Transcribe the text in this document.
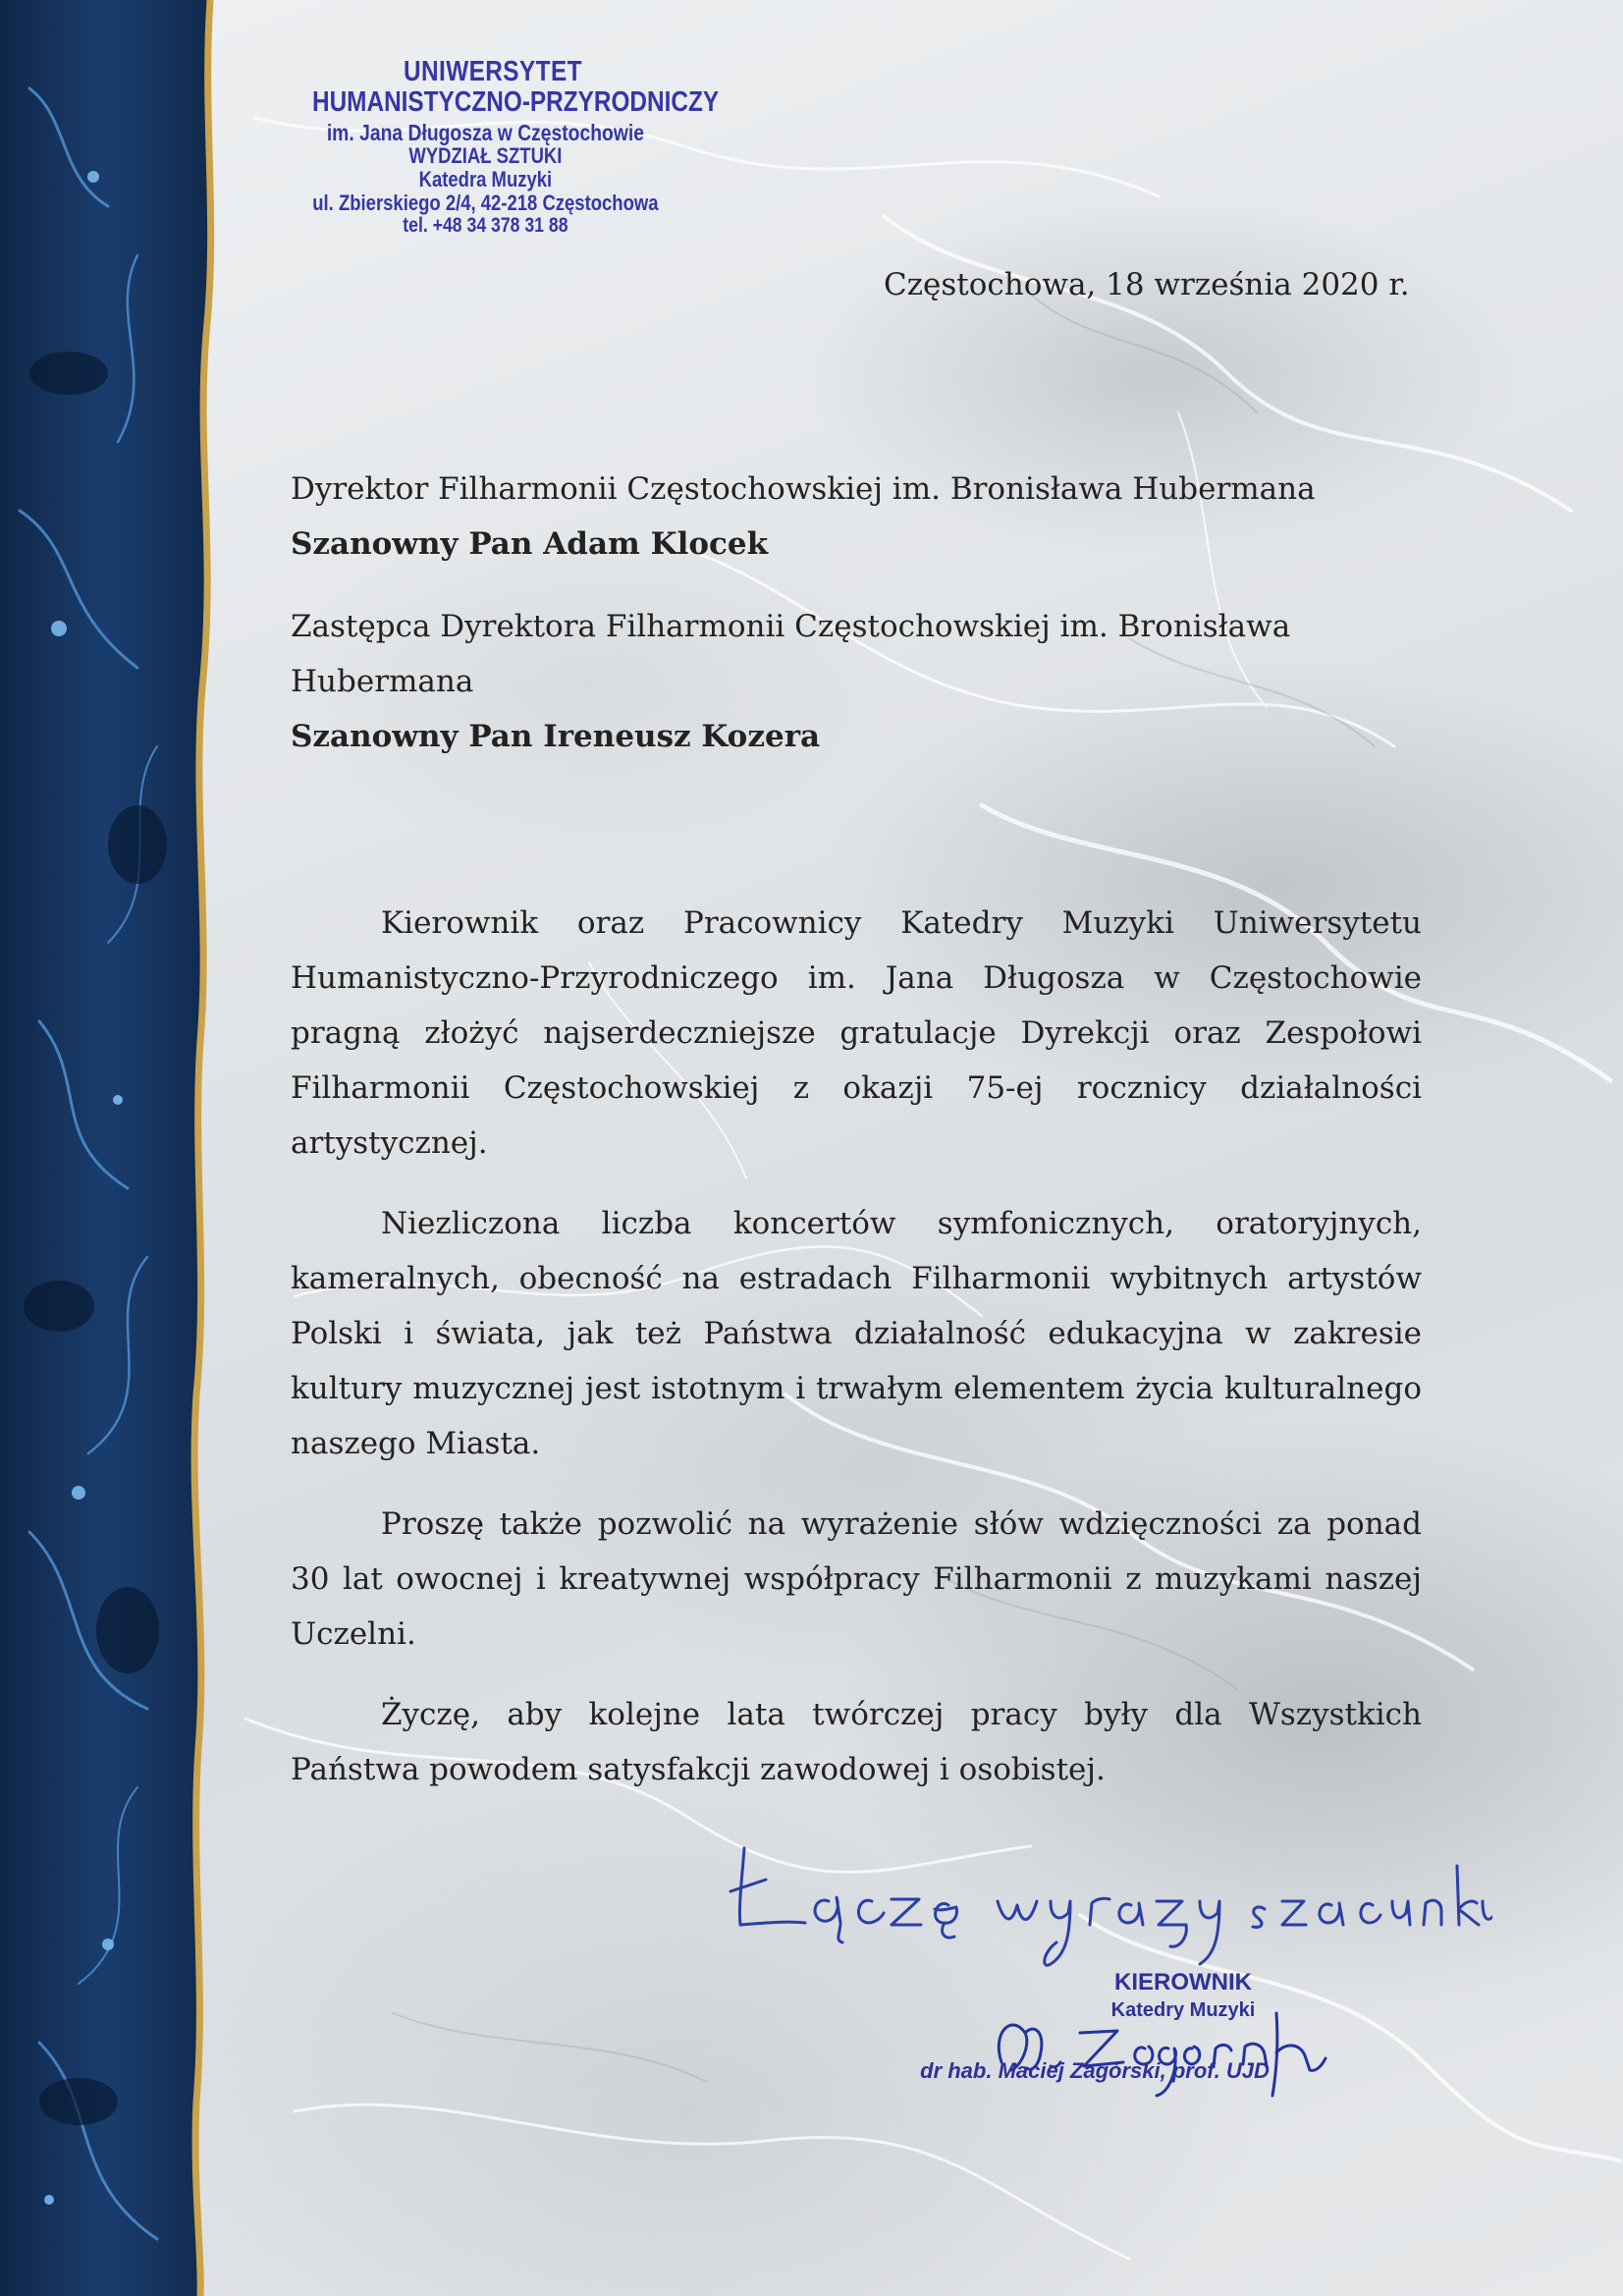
UNIWERSYTET
HUMANISTYCZNO-PRZYRODNICZY
im. Jana Długosza w Częstochowie
WYDZIAŁ SZTUKI
Katedra Muzyki
ul. Zbierskiego 2/4, 42-218 Częstochowa
tel. +48 34 378 31 88
Częstochowa, 18 września 2020 r.

Dyrektor Filharmonii Częstochowskiej im. Bronisława Hubermana

Szanowny Pan Adam Klocek

Zastępca Dyrektora Filharmonii Częstochowskiej im. Bronisława Hubermana

Szanowny Pan Ireneusz Kozera

Kierownik oraz Pracownicy Katedry Muzyki Uniwersytetu Humanistyczno-Przyrodniczego im. Jana Długosza w Częstochowie pragną złożyć najserdeczniejsze gratulacje Dyrekcji oraz Zespołowi Filharmonii Częstochowskiej z okazji 75-ej rocznicy działalności artystycznej.

Niezliczona liczba koncertów symfonicznych, oratoryjnych, kameralnych, obecność na estradach Filharmonii wybitnych artystów Polski i świata, jak też Państwa działalność edukacyjna w zakresie kultury muzycznej jest istotnym i trwałym elementem życia kulturalnego naszego Miasta.

Proszę także pozwolić na wyrażenie słów wdzięczności za ponad 30 lat owocnej i kreatywnej współpracy Filharmonii z muzykami naszej Uczelni.

Życzę, aby kolejne lata twórczej pracy były dla Wszystkich Państwa powodem satysfakcji zawodowej i osobistej.

KIEROWNIK
Katedry Muzyki
dr hab. Maciej Zagórski, prof. UJD
